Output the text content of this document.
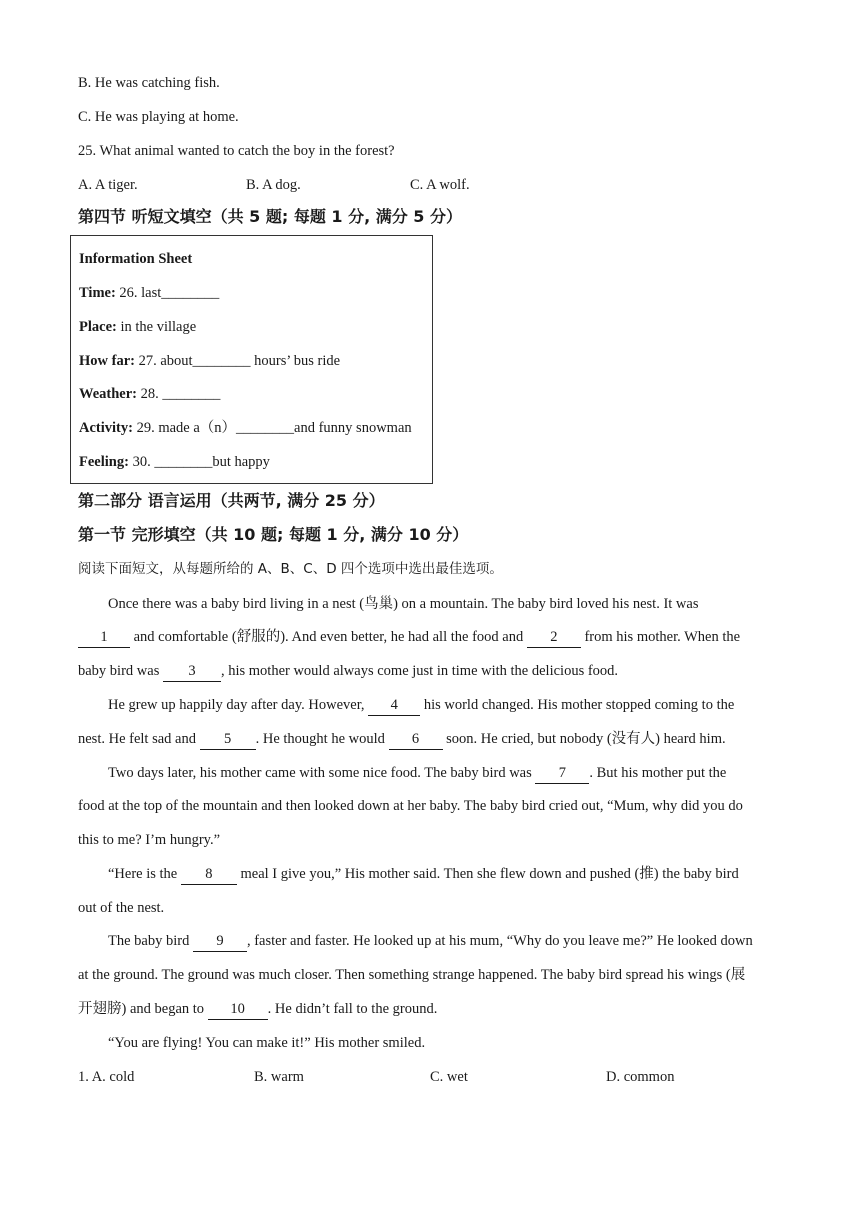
B. He was catching fish.
C. He was playing at home.
25. What animal wanted to catch the boy in the forest?
A. A tiger.	B. A dog.	C. A wolf.
第四节 听短文填空（共 5 题; 每题 1 分, 满分 5 分）
Information Sheet
Time: 26. last________
Place: in the village
How far: 27. about________ hours’ bus ride
Weather: 28. ________
Activity: 29. made a（n）________and funny snowman
Feeling: 30. ________but happy
第二部分 语言运用（共两节, 满分 25 分）
第一节 完形填空（共 10 题; 每题 1 分, 满分 10 分）
阅读下面短文，从每题所给的 A、B、C、D 四个选项中选出最佳选项。
Once there was a baby bird living in a nest (鸟巢) on a mountain. The baby bird loved his nest. It was
1 and comfortable (舒服的). And even better, he had all the food and 2 from his mother. When the
baby bird was 3 , his mother would always come just in time with the delicious food.
He grew up happily day after day. However, 4 his world changed. His mother stopped coming to the
nest. He felt sad and 5 . He thought he would 6 soon. He cried, but nobody (没有人) heard him.
Two days later, his mother came with some nice food. The baby bird was 7 . But his mother put the
food at the top of the mountain and then looked down at her baby. The baby bird cried out, “Mum, why did you do
this to me? I’m hungry.”
“Here is the 8 meal I give you,” His mother said. Then she flew down and pushed (推) the baby bird
out of the nest.
The baby bird 9 , faster and faster. He looked up at his mum, “Why do you leave me?” He looked down
at the ground. The ground was much closer. Then something strange happened. The baby bird spread his wings (展
开翅膀) and began to 10 . He didn’t fall to the ground.
“You are flying! You can make it!” His mother smiled.
1. A. cold	B. warm	C. wet	D. common
